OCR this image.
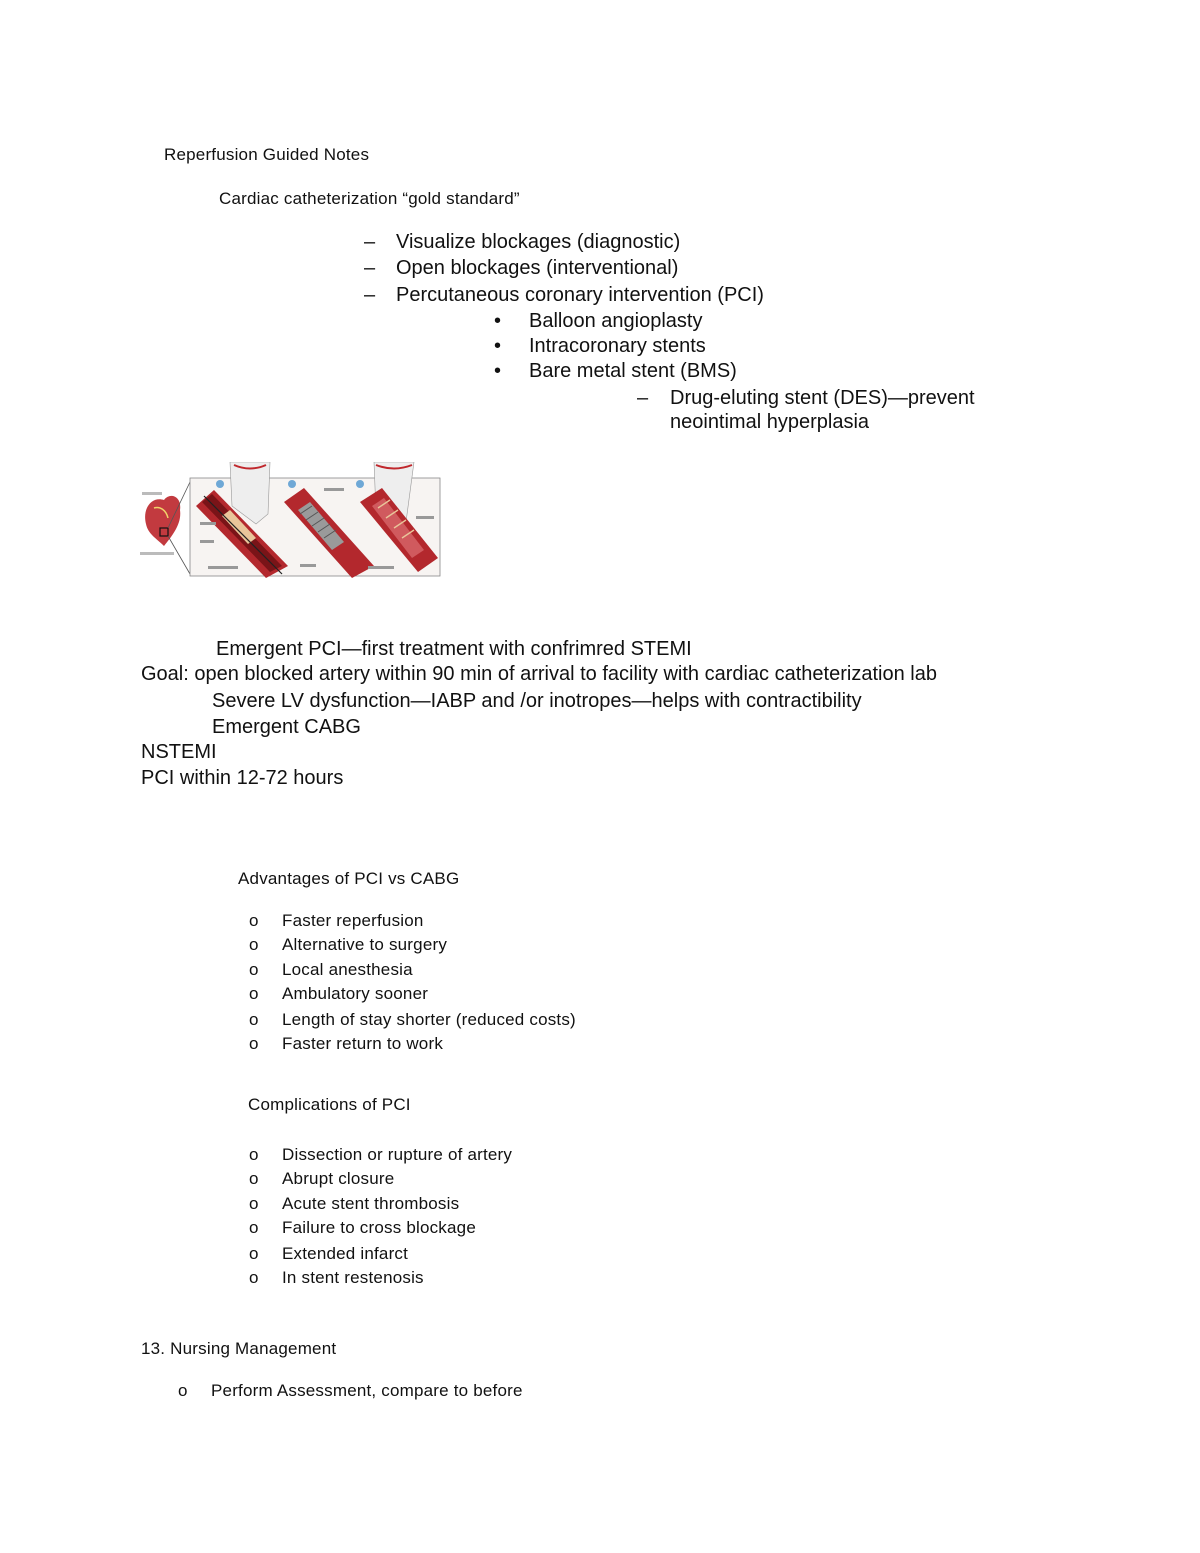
Reperfusion Guided Notes
Cardiac catheterization “gold standard”
– Visualize blockages (diagnostic)
– Open blockages (interventional)
– Percutaneous coronary intervention (PCI)
• Balloon angioplasty
• Intracoronary stents
• Bare metal stent (BMS)
– Drug-eluting stent (DES)—prevent
neointimal hyperplasia
Emergent PCI—first treatment with confrimred STEMI
Goal: open blocked artery within 90 min of arrival to facility with cardiac catheterization lab
Severe LV dysfunction—IABP and /or inotropes—helps with contractibility
Emergent CABG
NSTEMI
PCI within 12-72 hours
Advantages of PCI vs CABG
o Faster reperfusion
o Alternative to surgery
o Local anesthesia
o Ambulatory sooner
o Length of stay shorter (reduced costs)
o Faster return to work
Complications of PCI
o Dissection or rupture of artery
o Abrupt closure
o Acute stent thrombosis
o Failure to cross blockage
o Extended infarct
o In stent restenosis
13. Nursing Management
o Perform Assessment, compare to before
